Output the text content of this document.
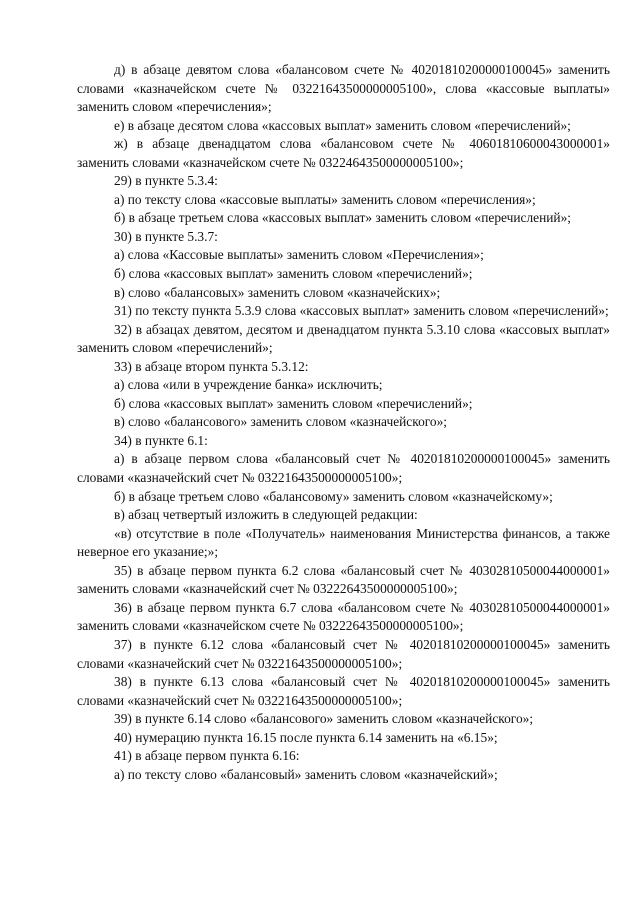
д) в абзаце девятом слова «балансовом счете № 40201810200000100045» заменить словами «казначейском счете № 03221643500000005100», слова «кассовые выплаты» заменить словом «перечисления»;

е) в абзаце десятом слова «кассовых выплат» заменить словом «перечислений»;

ж) в абзаце двенадцатом слова «балансовом счете № 40601810600043000001» заменить словами «казначейском счете № 03224643500000005100»;

29) в пункте 5.3.4:

а) по тексту слова «кассовые выплаты» заменить словом «перечисления»;

б) в абзаце третьем слова «кассовых выплат» заменить словом «перечислений»;

30) в пункте 5.3.7:

а) слова «Кассовые выплаты» заменить словом «Перечисления»;

б) слова «кассовых выплат» заменить словом «перечислений»;

в) слово «балансовых» заменить словом «казначейских»;

31) по тексту пункта 5.3.9 слова «кассовых выплат» заменить словом «перечислений»;

32) в абзацах девятом, десятом и двенадцатом пункта 5.3.10 слова «кассовых выплат» заменить словом «перечислений»;

33) в абзаце втором пункта 5.3.12:

а) слова «или в учреждение банка» исключить;

б) слова «кассовых выплат» заменить словом «перечислений»;

в) слово «балансового» заменить словом «казначейского»;

34) в пункте 6.1:

а) в абзаце первом слова «балансовый счет № 40201810200000100045» заменить словами «казначейский счет № 03221643500000005100»;

б) в абзаце третьем слово «балансовому» заменить словом «казначейскому»;

в) абзац четвертый изложить в следующей редакции:

«в) отсутствие в поле «Получатель» наименования Министерства финансов, а также неверное его указание;»;

35) в абзаце первом пункта 6.2 слова «балансовый счет № 40302810500044000001» заменить словами «казначейский счет № 03222643500000005100»;

36) в абзаце первом пункта 6.7 слова «балансовом счете № 40302810500044000001» заменить словами «казначейском счете № 03222643500000005100»;

37) в пункте 6.12 слова «балансовый счет № 40201810200000100045» заменить словами «казначейский счет № 03221643500000005100»;

38) в пункте 6.13 слова «балансовый счет № 40201810200000100045» заменить словами «казначейский счет № 03221643500000005100»;

39) в пункте 6.14 слово «балансового» заменить словом «казначейского»;

40) нумерацию пункта 16.15 после пункта 6.14 заменить на «6.15»;

41) в абзаце первом пункта 6.16:

а) по тексту слово «балансовый» заменить словом «казначейский»;
